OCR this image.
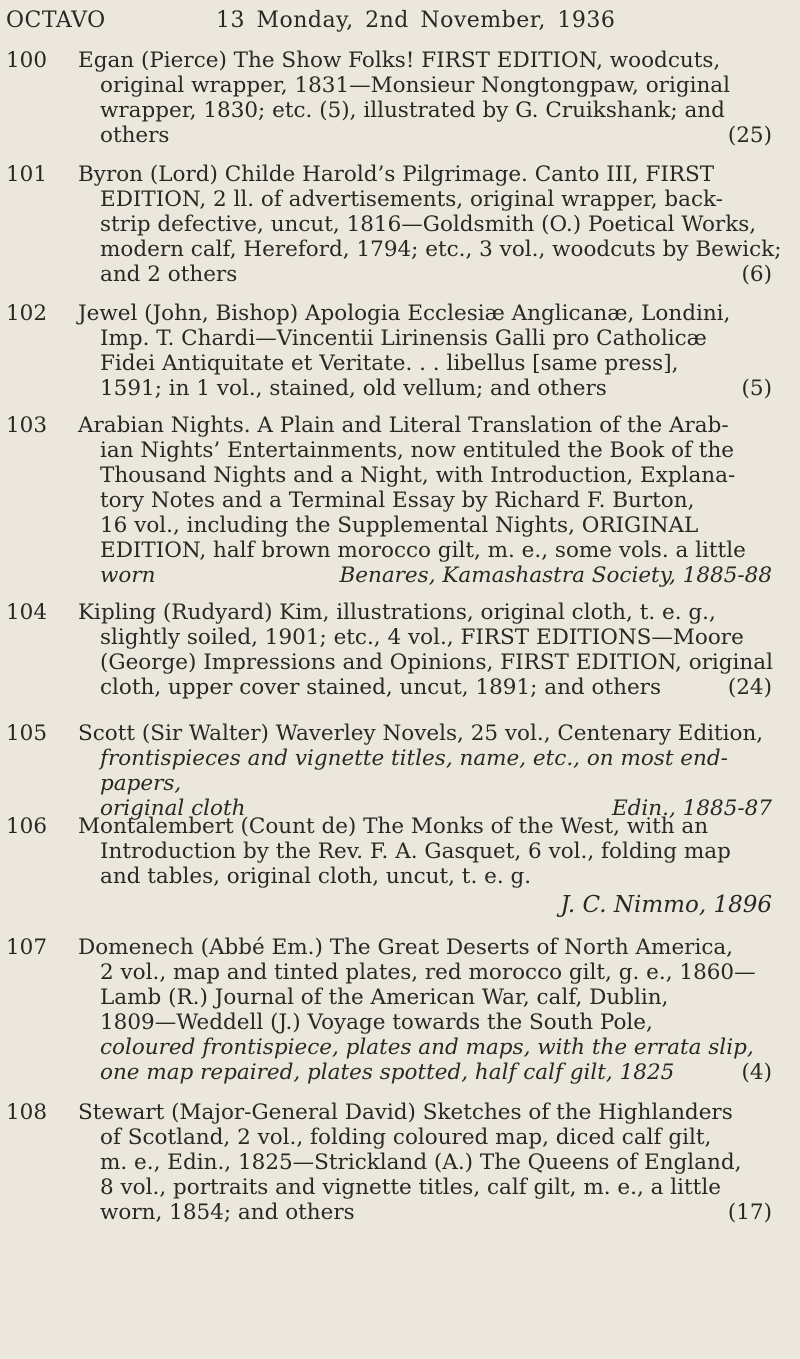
OCTAVO	13 Monday, 2nd November, 1936
100	Egan (Pierce) The Show Folks! FIRST EDITION, woodcuts,
original wrapper, 1831—Monsieur Nongtongpaw, original
wrapper, 1830; etc. (5), illustrated by G. Cruikshank; and
others	(25)
101	Byron (Lord) Childe Harold’s Pilgrimage. Canto III, FIRST
EDITION, 2 ll. of advertisements, original wrapper, back-
strip defective, uncut, 1816—Goldsmith (O.) Poetical Works,
modern calf, Hereford, 1794; etc., 3 vol., woodcuts by Bewick;
and 2 others	(6)
102	Jewel (John, Bishop) Apologia Ecclesiæ Anglicanæ, Londini,
Imp. T. Chardi—Vincentii Lirinensis Galli pro Catholicæ
Fidei Antiquitate et Veritate. . . libellus [same press],
1591; in 1 vol., stained, old vellum; and others	(5)
103	Arabian Nights. A Plain and Literal Translation of the Arab-
ian Nights’ Entertainments, now entituled the Book of the
Thousand Nights and a Night, with Introduction, Explana-
tory Notes and a Terminal Essay by Richard F. Burton,
16 vol., including the Supplemental Nights, ORIGINAL
EDITION, half brown morocco gilt, m. e., some vols. a little
worn	Benares, Kamashastra Society, 1885-88
104	Kipling (Rudyard) Kim, illustrations, original cloth, t. e. g.,
slightly soiled, 1901; etc., 4 vol., FIRST EDITIONS—Moore
(George) Impressions and Opinions, FIRST EDITION, original
cloth, upper cover stained, uncut, 1891; and others	(24)
105	Scott (Sir Walter) Waverley Novels, 25 vol., Centenary Edition,
frontispieces and vignette titles, name, etc., on most end-papers,
original cloth	Edin., 1885-87
106	Montalembert (Count de) The Monks of the West, with an
Introduction by the Rev. F. A. Gasquet, 6 vol., folding map
and tables, original cloth, uncut, t. e. g.

J. C. Nimmo, 1896
107	Domenech (Abbé Em.) The Great Deserts of North America,
2 vol., map and tinted plates, red morocco gilt, g. e., 1860—
Lamb (R.) Journal of the American War, calf, Dublin,
1809—Weddell (J.) Voyage towards the South Pole,
coloured frontispiece, plates and maps, with the errata slip,
one map repaired, plates spotted, half calf gilt, 1825	(4)
108	Stewart (Major-General David) Sketches of the Highlanders
of Scotland, 2 vol., folding coloured map, diced calf gilt,
m. e., Edin., 1825—Strickland (A.) The Queens of England,
8 vol., portraits and vignette titles, calf gilt, m. e., a little
worn, 1854; and others	(17)
